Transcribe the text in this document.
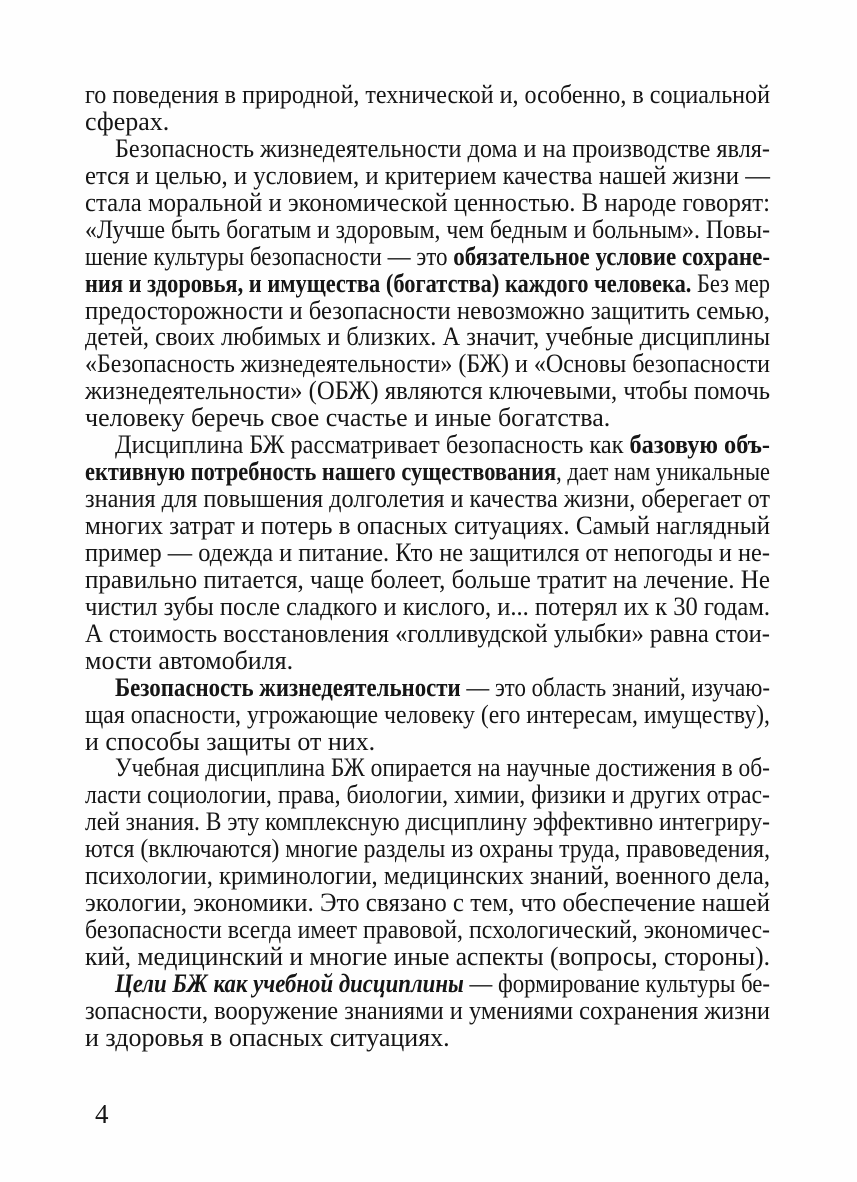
го поведения в природной, технической и, особенно, в социальной
сферах.
Безопасность жизнедеятельности дома и на производстве явля-
ется и целью, и условием, и критерием качества нашей жизни —
стала моральной и экономической ценностью. В народе говорят:
«Лучше быть богатым и здоровым, чем бедным и больным». Повы-
шение культуры безопасности — это обязательное условие сохране-
ния и здоровья, и имущества (богатства) каждого человека. Без мер
предосторожности и безопасности невозможно защитить семью,
детей, своих любимых и близких. А значит, учебные дисциплины
«Безопасность жизнедеятельности» (БЖ) и «Основы безопасности
жизнедеятельности» (ОБЖ) являются ключевыми, чтобы помочь
человеку беречь свое счастье и иные богатства.
Дисциплина БЖ рассматривает безопасность как базовую объ-
ективную потребность нашего существования, дает нам уникальные
знания для повышения долголетия и качества жизни, оберегает от
многих затрат и потерь в опасных ситуациях. Самый наглядный
пример — одежда и питание. Кто не защитился от непогоды и не-
правильно питается, чаще болеет, больше тратит на лечение. Не
чистил зубы после сладкого и кислого, и... потерял их к 30 годам.
А стоимость восстановления «голливудской улыбки» равна стои-
мости автомобиля.
Безопасность жизнедеятельности — это область знаний, изучаю-
щая опасности, угрожающие человеку (его интересам, имуществу),
и способы защиты от них.
Учебная дисциплина БЖ опирается на научные достижения в об-
ласти социологии, права, биологии, химии, физики и других отрас-
лей знания. В эту комплексную дисциплину эффективно интегриру-
ются (включаются) многие разделы из охраны труда, правоведения,
психологии, криминологии, медицинских знаний, военного дела,
экологии, экономики. Это связано с тем, что обеспечение нашей
безопасности всегда имеет правовой, псхологический, экономичес-
кий, медицинский и многие иные аспекты (вопросы, стороны).
Цели БЖ как учебной дисциплины — формирование культуры бе-
зопасности, вооружение знаниями и умениями сохранения жизни
и здоровья в опасных ситуациях.
4
